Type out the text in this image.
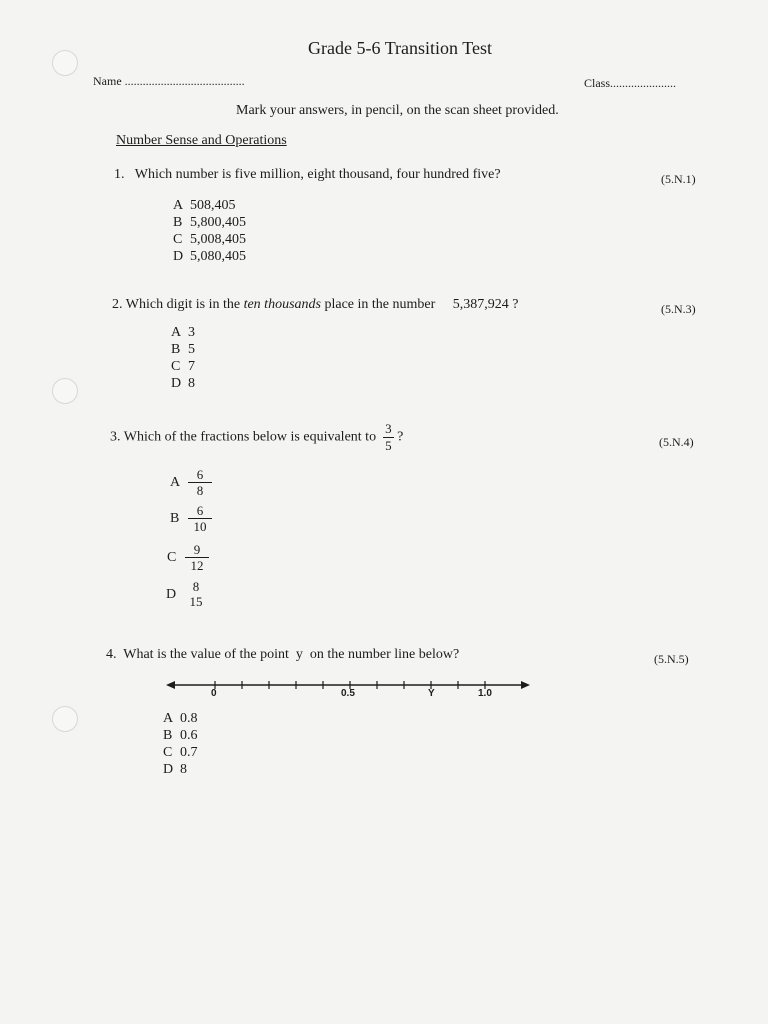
Grade 5-6 Transition Test
Name ........................................	Class......................
Mark your answers, in pencil, on the scan sheet provided.
Number Sense and Operations
1. Which number is five million, eight thousand, four hundred five?	(5.N.1)
A 508,405
B 5,800,405
C 5,008,405
D 5,080,405
2. Which digit is in the ten thousands place in the number 5,387,924 ?	(5.N.3)
A 3
B 5
C 7
D 8
3. Which of the fractions below is equivalent to $\frac{3}{5}$ ?	(5.N.4)
A
6
8
B
6
10
C
9
12
D
8
15
4. What is the value of the point y on the number line below?	(5.N.5)
0	0.5	Y	1.0
A 0.8
B 0.6
C 0.7
D 8
